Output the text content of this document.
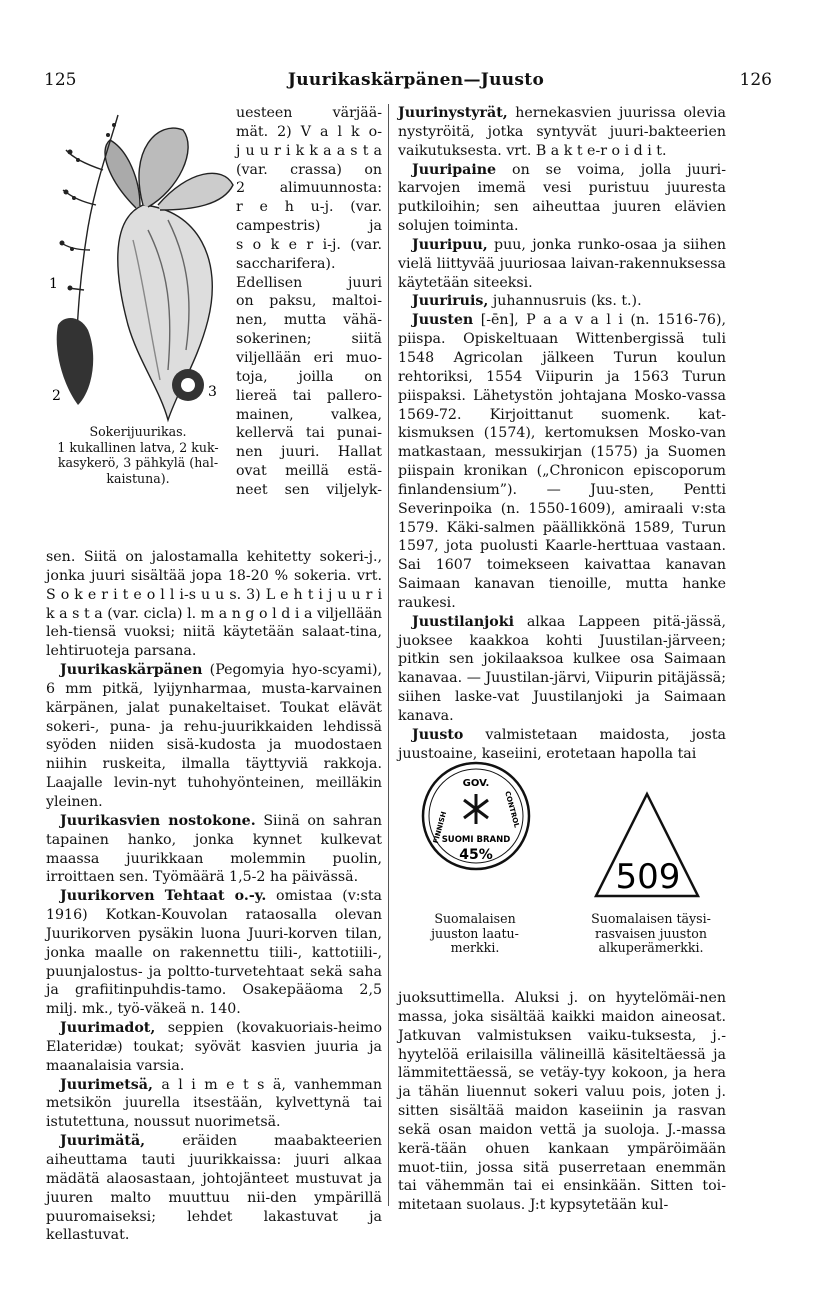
Juurikaskärpänen—Juusto
125	126
1
2	3
Sokerijuurikas.
1 kukallinen latva, 2 kuk-
kasykerö, 3 pähkylä (hal-
kaistuna).
uesteen värjää-
mät. 2) V a l k o-
j u u r i k k a a s t a
(var. crassa) on
2 alimuunnosta:
r e h u-j. (var.
campestris) ja
s o k e r i-j. (var.
saccharifera).
Edellisen juuri
on paksu, maltoi-
nen, mutta vähä-
sokerinen; siitä
viljellään eri muo-
toja, joilla on
liereä tai pallero-
mainen, valkea,
kellervä tai punai-
nen juuri. Hallat
ovat meillä estä-
neet sen viljelyk-

sen. Siitä on jalostamalla kehitetty sokeri-j., jonka juuri sisältää jopa 18-20 % sokeria. vrt. S o k e r i t e o l l i-s u u s. 3) L e h t i j u u r i k a s t a (var. cicla) l. m a n g o l d i a viljellään leh-tiensä vuoksi; niitä käytetään salaat-tina, lehtiruoteja parsana.

Juurikaskärpänen (Pegomyia hyo-scyami), 6 mm pitkä, lyijynharmaa, musta-karvainen kärpänen, jalat punakeltaiset. Toukat elävät sokeri-, puna- ja rehu-juurikkaiden lehdissä syöden niiden sisä-kudosta ja muodostaen niihin ruskeita, ilmalla täyttyviä rakkoja. Laajalle levin-nyt tuhohyönteinen, meilläkin yleinen.

Juurikasvien nostokone. Siinä on sahran tapainen hanko, jonka kynnet kulkevat maassa juurikkaan molemmin puolin, irroittaen sen. Työmäärä 1,5-2 ha päivässä.

Juurikorven Tehtaat o.-y. omistaa (v:sta 1916) Kotkan-Kouvolan rataosalla olevan Juurikorven pysäkin luona Juuri-korven tilan, jonka maalle on rakennettu tiili-, kattotiili-, puunjalostus- ja polttо-turvetehtaat sekä saha ja grafiitinpuhdis-tamo. Osakepääoma 2,5 milj. mk., työ-väkeä n. 140.

Juurimadot, seppien (kovakuoriais-heimo Elateridæ) toukat; syövät kasvien juuria ja maanalaisia varsia.

Juurimetsä, a l i m e t s ä, vanhemman metsikön juurella itsestään, kylvettynä tai istutettuna, noussut nuorimetsä.

Juurimätä, eräiden maabakteerien aiheuttama tauti juurikkaissa: juuri alkaa mädätä alaosastaan, johtojänteet mustuvat ja juuren malto muuttuu nii-den ympärillä puuromaiseksi; lehdet lakastuvat ja kellastuvat.

Juurinystyrät, hernekasvien juurissa olevia nystyröitä, jotka syntyvät juuri-bakteerien vaikutuksesta. vrt. B a k t e-r o i d i t.

Juuripaine on se voima, jolla juuri-karvojen imemä vesi puristuu juuresta putkiloihin; sen aiheuttaa juuren elävien solujen toiminta.

Juuripuu, puu, jonka runko-osaa ja siihen vielä liittyvää juuriosaa laivan-rakennuksessa käytetään siteeksi.

Juuriruis, juhannusruis (ks. t.).

Juusten [-ēn], P a a v a l i (n. 1516-76), piispa. Opiskeltuaan Wittenbergissä tuli 1548 Agricolan jälkeen Turun koulun rehtoriksi, 1554 Viipurin ja 1563 Turun piispaksi. Lähetystön johtajana Mosko-vassa 1569-72. Kirjoittanut suomenk. kat-kismuksen (1574), kertomuksen Mosko-van matkastaan, messukirjan (1575) ja Suomen piispain kronikan („Chronicon episcoporum finlandensium”). — Juu-sten, Pentti Severinpoika (n. 1550-1609), amiraali v:sta 1579. Käki-salmen päällikkönä 1589, Turun 1597, jota puolusti Kaarle-herttuaa vastaan. Sai 1607 toimekseen kaivattaa kanavan Saimaan kanavan tienoille, mutta hanke raukesi.

Juustilanjoki alkaa Lappeen pitä-jässä, juoksee kaakkoa kohti Juustilan-järveen; pitkin sen jokilaaksoa kulkee osa Saimaan kanavaa. — Juustilan-järvi, Viipurin pitäjässä; siihen laske-vat Juustilanjoki ja Saimaan kanava.

Juusto valmistetaan maidosta, josta juustoaine, kaseiini, erotetaan hapolla tai

GOV.
FINNISH	CONTROL
SUOMI BRAND
45%
Suomalaisen
juuston laatu-
merkki.
509
Suomalaisen täysi-
rasvaisen juuston
alkuperämerkki.

juoksuttimella. Aluksi j. on hyytelömäi-nen massa, joka sisältää kaikki maidon aineosat. Jatkuvan valmistuksen vaiku-tuksesta, j.-hyytelöä erilaisilla välineillä käsiteltäessä ja lämmitettäessä, se vetäy-tyy kokoon, ja hera ja tähän liuennut sokeri valuu pois, joten j. sitten sisältää maidon kaseiinin ja rasvan sekä osan maidon vettä ja suoloja. J.-massa kerä-tään ohuen kankaan ympäröimään muot-tiin, jossa sitä puserretaan enemmän tai vähemmän tai ei ensinkään. Sitten toi-mitetaan suolaus. J:t kypsytetään kul-
